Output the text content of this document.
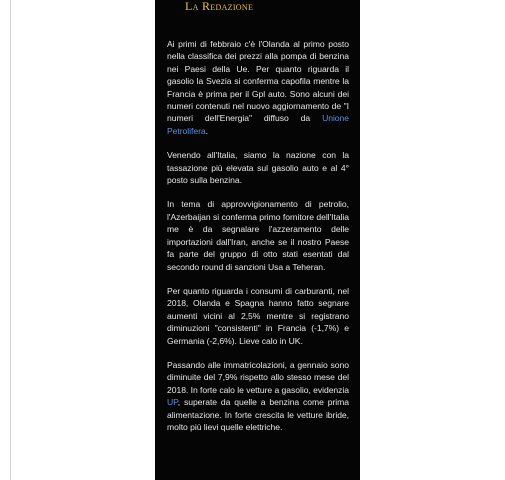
La Redazione

Ai primi di febbraio c'è l'Olanda al primo posto nella classifica dei prezzi alla pompa di benzina nei Paesi della Ue. Per quanto riguarda il gasolio la Svezia si conferma capofila mentre la Francia è prima per il Gpl auto. Sono alcuni dei numeri contenuti nel nuovo aggiornamento de "I numeri dell'Energia" diffuso da Unione Petrolifera.

Venendo all'Italia, siamo la nazione con la tassazione più elevata sul gasolio auto e al 4° posto sulla benzina.

In tema di approvvigionamento di petrolio, l'Azerbaijan si conferma primo fornitore dell'Italia me è da segnalare l'azzeramento delle importazioni dall'Iran, anche se il nostro Paese fa parte del gruppo di otto stati esentati dal secondo round di sanzioni Usa a Teheran.

Per quanto riguarda i consumi di carburanti, nel 2018, Olanda e Spagna hanno fatto segnare aumenti vicini al 2,5% mentre si registrano diminuzioni "consistenti" in Francia (-1,7%) e Germania (-2,6%). Lieve calo in UK.

Passando alle immatricolazioni, a gennaio sono diminuite del 7,9% rispetto allo stesso mese del 2018. In forte calo le vetture a gasolio, evidenzia UP, superate da quelle a benzina come prima alimentazione. In forte crescita le vetture ibride, molto più lievi quelle elettriche.
